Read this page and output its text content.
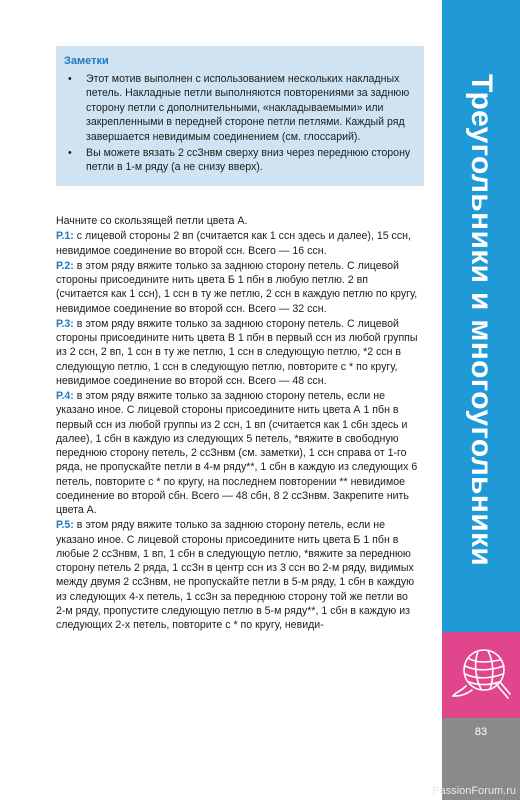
Заметки
• Этот мотив выполнен с использованием нескольких накладных петель. Накладные петли выполняются повторениями за заднюю сторону петли с дополнительными, «накладываемыми» или закрепленными в передней стороне петли петлями. Каждый ряд завершается невидимым соединением (см. глоссарий).
• Вы можете вязать 2 ссЗнвм сверху вниз через переднюю сторону петли в 1-м ряду (а не снизу вверх).

Начните со скользящей петли цвета А.

Р.1: с лицевой стороны 2 вп (считается как 1 ссн здесь и далее), 15 ссн, невидимое соединение во второй ссн. Всего — 16 ссн.

Р.2: в этом ряду вяжите только за заднюю сторону петель. С лицевой стороны присоедините нить цвета Б 1 пбн в любую петлю. 2 вп (считается как 1 ссн), 1 ссн в ту же петлю, 2 ссн в каждую петлю по кругу, невидимое соединение во второй ссн. Всего — 32 ссн.

Р.3: в этом ряду вяжите только за заднюю сторону петель. С лицевой стороны присоедините нить цвета В 1 пбн в первый ссн из любой группы из 2 ссн, 2 вп, 1 ссн в ту же петлю, 1 ссн в следующую петлю, *2 ссн в следующую петлю, 1 ссн в следующую петлю, повторите с * по кругу, невидимое соединение во второй ссн. Всего — 48 ссн.

Р.4: в этом ряду вяжите только за заднюю сторону петель, если не указано иное. С лицевой стороны присоедините нить цвета А 1 пбн в первый ссн из любой группы из 2 ссн, 1 вп (считается как 1 сбн здесь и далее), 1 сбн в каждую из следующих 5 петель, *вяжите в свободную переднюю сторону петель, 2 ссЗнвм (см. заметки), 1 ссн справа от 1-го ряда, не пропускайте петли в 4-м ряду**, 1 сбн в каждую из следующих 6 петель, повторите с * по кругу, на последнем повторении ** невидимое соединение во второй сбн. Всего — 48 сбн, 8 2 ссЗнвм. Закрепите нить цвета А.

Р.5: в этом ряду вяжите только за заднюю сторону петель, если не указано иное. С лицевой стороны присоедините нить цвета Б 1 пбн в любые 2 ссЗнвм, 1 вп, 1 сбн в следующую петлю, *вяжите за переднюю сторону петель 2 ряда, 1 ссЗн в центр ссн из 3 ссн во 2-м ряду, видимых между двумя 2 ссЗнвм, не пропускайте петли в 5-м ряду, 1 сбн в каждую из следующих 4-х петель, 1 ссЗн за переднюю сторону той же петли во 2-м ряду, пропустите следующую петлю в 5-м ряду**, 1 сбн в каждую из следующих 2-х петель, повторите с * по кругу, невиди-

Треугольники и многоугольники
83
PassionForum.ru
